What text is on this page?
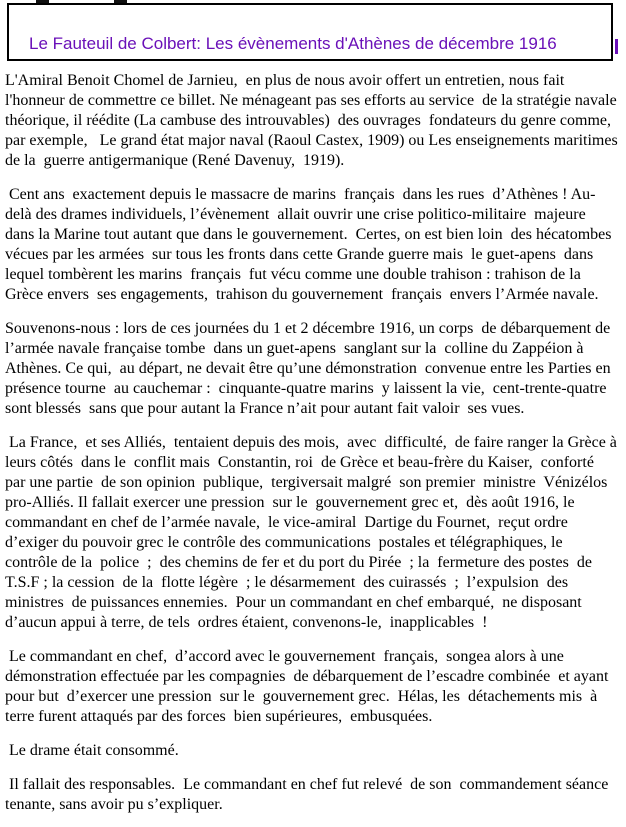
Le Fauteuil de Colbert: Les évènements d'Athènes de décembre 1916

L'Amiral Benoit Chomel de Jarnieu,  en plus de nous avoir offert un entretien, nous fait l'honneur de commettre ce billet. Ne ménageant pas ses efforts au service  de la stratégie navale théorique, il réédite (La cambuse des introuvables)  des ouvrages  fondateurs du genre comme, par exemple,   Le grand état major naval (Raoul Castex, 1909) ou Les enseignements maritimes  de la  guerre antigermanique (René Davenuy,  1919).

Cent ans  exactement depuis le massacre de marins  français  dans les rues  d’Athènes ! Au-delà des drames individuels, l’évènement  allait ouvrir une crise politico-militaire  majeure dans la Marine tout autant que dans le gouvernement.  Certes, on est bien loin  des hécatombes vécues par les armées  sur tous les fronts dans cette Grande guerre mais  le guet-apens  dans lequel tombèrent les marins  français  fut vécu comme une double trahison : trahison de la  Grèce envers  ses engagements,  trahison du gouvernement  français  envers l’Armée navale.

Souvenons-nous : lors de ces journées du 1 et 2 décembre 1916, un corps  de débarquement de l’armée navale française tombe  dans un guet-apens  sanglant sur la  colline du Zappéion à Athènes. Ce qui,  au départ, ne devait être qu’une démonstration  convenue entre les Parties en présence tourne  au cauchemar :  cinquante-quatre marins  y laissent la vie,  cent-trente-quatre sont blessés  sans que pour autant la France n’ait pour autant fait valoir  ses vues.

La France,  et ses Alliés,  tentaient depuis des mois,  avec  difficulté,  de faire ranger la Grèce à leurs côtés  dans le  conflit mais  Constantin, roi  de Grèce et beau-frère du Kaiser,  conforté par une partie  de son opinion  publique,  tergiversait malgré  son premier  ministre  Vénizélos pro-Alliés. Il fallait exercer une pression  sur le  gouvernement grec et,  dès août 1916, le commandant en chef de l’armée navale,  le vice-amiral  Dartige du Fournet,  reçut ordre d’exiger du pouvoir grec le contrôle des communications  postales et télégraphiques, le contrôle de la  police  ;  des chemins de fer et du port du Pirée  ; la  fermeture des postes  de T.S.F ; la cession  de la  flotte légère  ; le désarmement  des cuirassés  ;  l’expulsion  des ministres  de puissances ennemies.  Pour un commandant en chef embarqué,  ne disposant d’aucun appui à terre, de tels  ordres étaient, convenons-le,  inapplicables  !

Le commandant en chef,  d’accord avec le gouvernement  français,  songea alors à une démonstration effectuée par les compagnies  de débarquement de l’escadre combinée  et ayant pour but  d’exercer une pression  sur le  gouvernement grec.  Hélas, les  détachements mis  à terre furent attaqués par des forces  bien supérieures,  embusquées.

Le drame était consommé.

Il fallait des responsables.  Le commandant en chef fut relevé  de son  commandement séance tenante, sans avoir pu s’expliquer.
